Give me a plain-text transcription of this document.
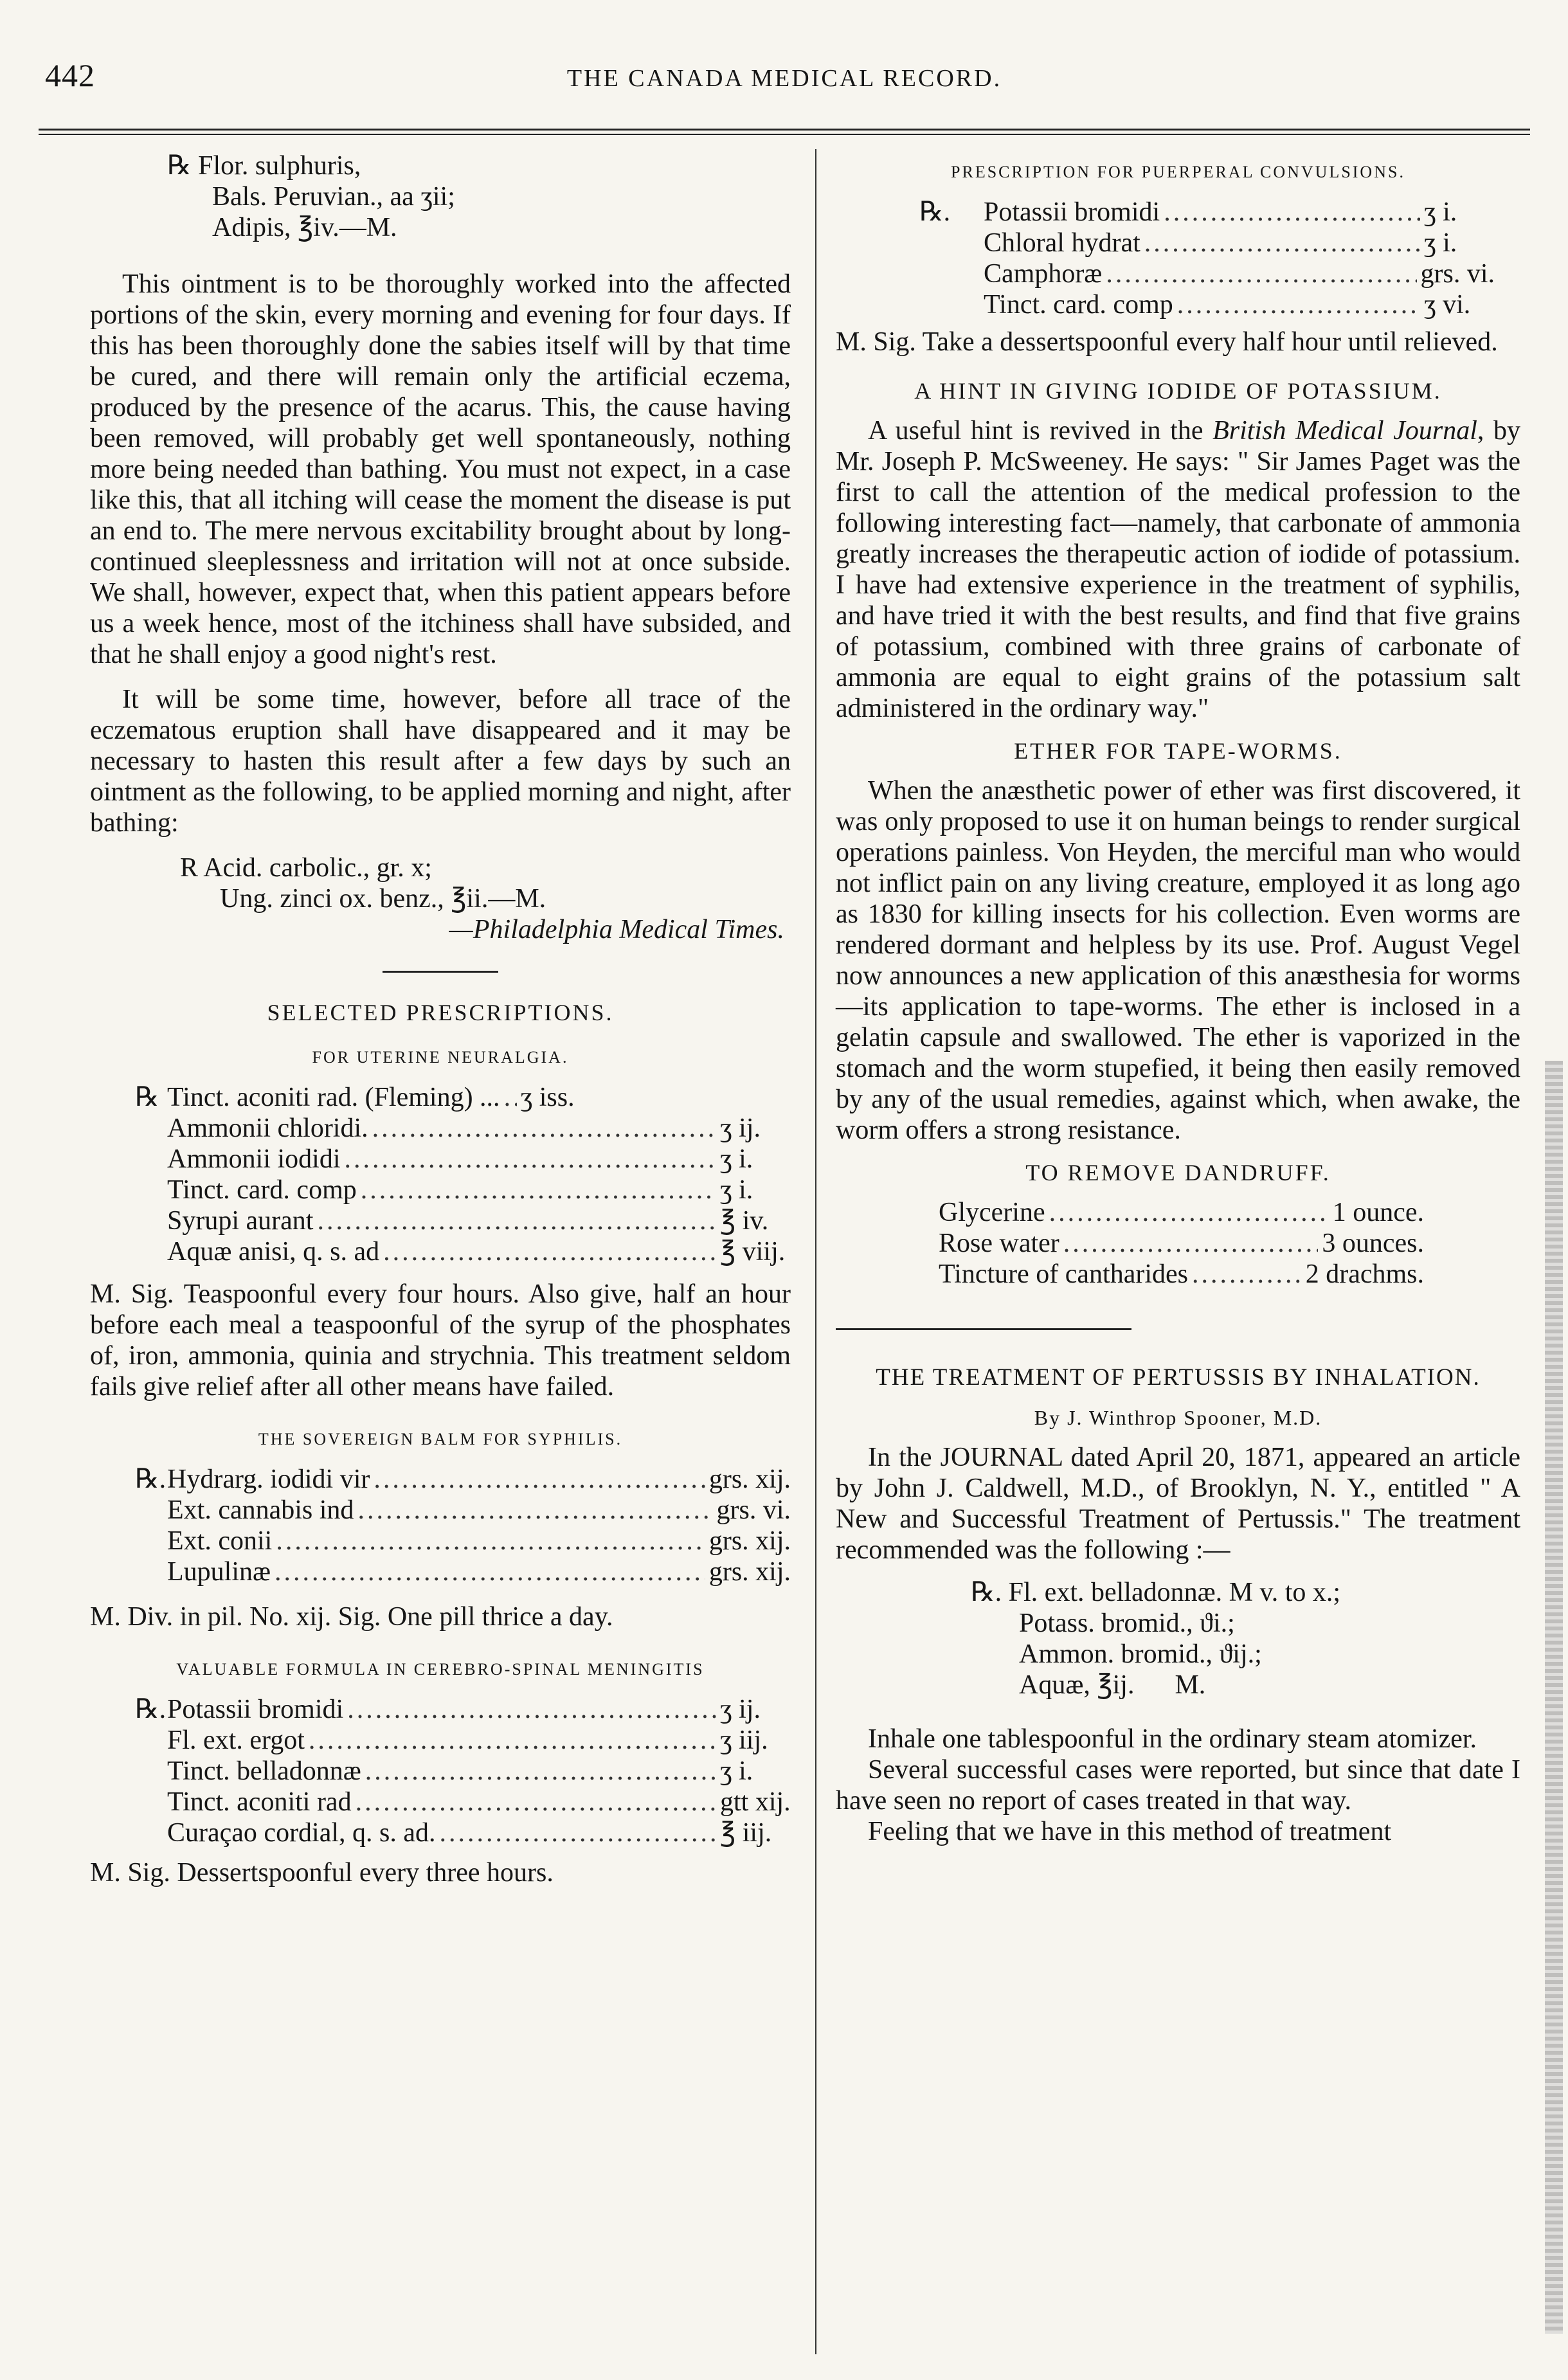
442	THE CANADA MEDICAL RECORD.
℞ Flor. sulphuris,
Bals. Peruvian., aa ʒii;
Adipis, ℥iv.—M.

This ointment is to be thoroughly worked into the affected portions of the skin, every morning and evening for four days. If this has been thoroughly done the sabies itself will by that time be cured, and there will remain only the artificial eczema, produced by the presence of the acarus. This, the cause having been removed, will probably get well spontaneously, nothing more being needed than bathing. You must not expect, in a case like this, that all itching will cease the moment the disease is put an end to. The mere nervous excitability brought about by long-continued sleeplessness and irritation will not at once subside. We shall, however, expect that, when this patient appears before us a week hence, most of the itchiness shall have subsided, and that he shall enjoy a good night's rest.

It will be some time, however, before all trace of the eczematous eruption shall have disappeared and it may be necessary to hasten this result after a few days by such an ointment as the following, to be applied morning and night, after bathing:

R Acid. carbolic., gr. x;
Ung. zinci ox. benz., ℥ii.—M.

—Philadelphia Medical Times.

SELECTED PRESCRIPTIONS.
FOR UTERINE NEURALGIA.
℞ Tinct. aconiti rad. (Fleming) ... ..... ʒ iss.
Ammonii chloridi. .....	ʒ ij.
Ammonii iodidi .....	ʒ i.
Tinct. card. comp .....	ʒ i.
Syrupi aurant .....	℥ iv.
Aquæ anisi, q. s. ad .....	℥ viij.

M. Sig. Teaspoonful every four hours. Also give, half an hour before each meal a teaspoonful of the syrup of the phosphates of, iron, ammonia, quinia and strychnia. This treatment seldom fails give relief after all other means have failed.

THE SOVEREIGN BALM FOR SYPHILIS.
℞. Hydrarg. iodidi vir .....	grs. xij.
Ext. cannabis ind .....	grs. vi.
Ext. conii .....	grs. xij.
Lupulinæ .....	grs. xij.

M. Div. in pil. No. xij. Sig. One pill thrice a day.

VALUABLE FORMULA IN CEREBRO-SPINAL MENINGITIS
℞. Potassii bromidi .....	ʒ ij.
Fl. ext. ergot .....	ʒ iij.
Tinct. belladonnæ .....	ʒ i.
Tinct. aconiti rad .....	gtt xij.
Curaçao cordial, q. s. ad. .....	℥ iij.

M. Sig. Dessertspoonful every three hours.

PRESCRIPTION FOR PUERPERAL CONVULSIONS.
℞. Potassii bromidi .....	ʒ i.
Chloral hydrat .....	ʒ i.
Camphoræ .....	grs. vi.
Tinct. card. comp .....	ʒ vi.

M. Sig. Take a dessertspoonful every half hour until relieved.

A HINT IN GIVING IODIDE OF POTASSIUM.

A useful hint is revived in the British Medical Journal, by Mr. Joseph P. McSweeney. He says: " Sir James Paget was the first to call the attention of the medical profession to the following interesting fact—namely, that carbonate of ammonia greatly increases the therapeutic action of iodide of potassium. I have had extensive experience in the treatment of syphilis, and have tried it with the best results, and find that five grains of potassium, combined with three grains of carbonate of ammonia are equal to eight grains of the potassium salt administered in the ordinary way."

ETHER FOR TAPE-WORMS.

When the anæsthetic power of ether was first discovered, it was only proposed to use it on human beings to render surgical operations painless. Von Heyden, the merciful man who would not inflict pain on any living creature, employed it as long ago as 1830 for killing insects for his collection. Even worms are rendered dormant and helpless by its use. Prof. August Vegel now announces a new application of this anæsthesia for worms—its application to tape-worms. The ether is inclosed in a gelatin capsule and swallowed. The ether is vaporized in the stomach and the worm stupefied, it being then easily removed by any of the usual remedies, against which, when awake, the worm offers a strong resistance.

TO REMOVE DANDRUFF.
Glycerine .....	1 ounce.
Rose water .....	3 ounces.
Tincture of cantharides .....	2 drachms.
THE TREATMENT OF PERTUSSIS BY INHALATION.
By J. Winthrop Spooner, M.D.

In the JOURNAL dated April 20, 1871, appeared an article by John J. Caldwell, M.D., of Brooklyn, N. Y., entitled " A New and Successful Treatment of Pertussis." The treatment recommended was the following :—

℞. Fl. ext. belladonnæ. M v. to x.;
Potass. bromid., ϑi.;
Ammon. bromid., ϑij.;
Aquæ, ℥ij.      M.

Inhale one tablespoonful in the ordinary steam atomizer.

Several successful cases were reported, but since that date I have seen no report of cases treated in that way.

Feeling that we have in this method of treatment
